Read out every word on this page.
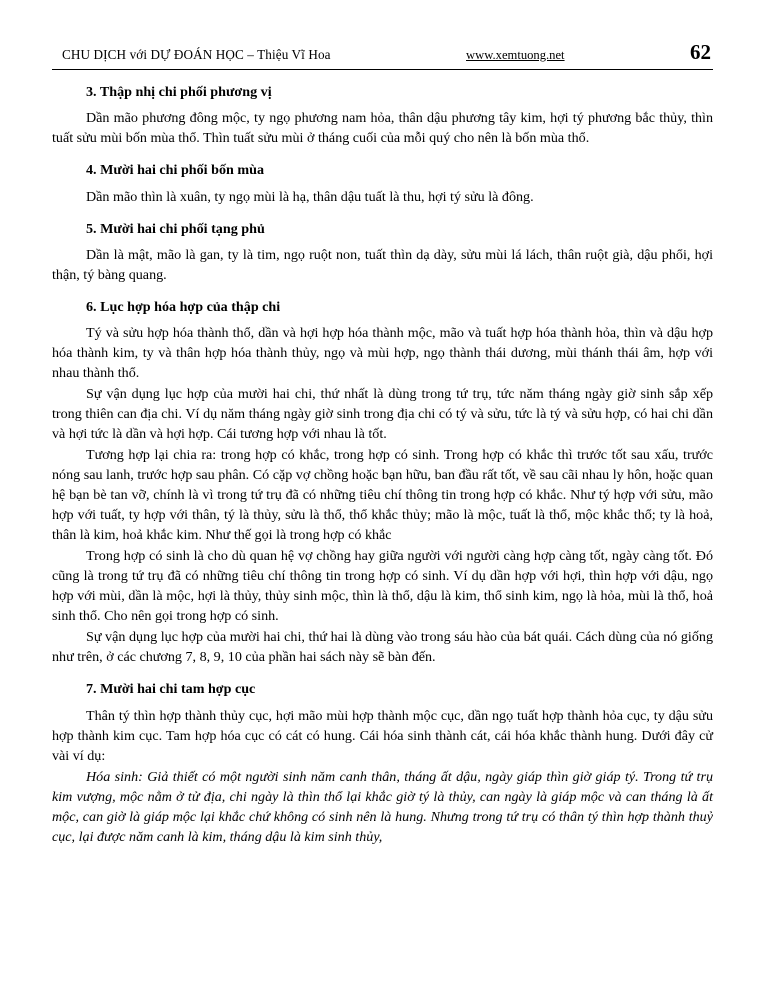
CHU DỊCH với DỰ ĐOÁN HỌC – Thiệu Vĩ Hoa	www.xemtuong.net	62
3. Thập nhị chi phối phương vị

Dần mão phương đông mộc, ty ngọ phương nam hỏa, thân dậu phương tây kim, hợi tý phương bắc thủy, thìn tuất sửu mùi bốn mùa thổ. Thìn tuất sửu mùi ở tháng cuối của mỗi quý cho nên là bốn mùa thổ.

4. Mười hai chi phối bốn mùa

Dần mão thìn là xuân, ty ngọ mùi là hạ, thân dậu tuất là thu, hợi tý sửu là đông.

5. Mười hai chi phối tạng phủ

Dần là mật, mão là gan, ty là tim, ngọ ruột non, tuất thìn dạ dày, sửu mùi lá lách, thân ruột già, dậu phổi, hợi thận, tý bàng quang.

6. Lục hợp hóa hợp của thập chi

Tý và sửu hợp hóa thành thổ, dần và hợi hợp hóa thành mộc, mão và tuất hợp hóa thành hỏa, thìn và dậu hợp hóa thành kim, ty và thân hợp hóa thành thủy, ngọ và mùi hợp, ngọ thành thái dương, mùi thánh thái âm, hợp với nhau thành thổ.

Sự vận dụng lục hợp của mười hai chi, thứ nhất là dùng trong tứ trụ, tức năm tháng ngày giờ sinh sắp xếp trong thiên can địa chi. Ví dụ năm tháng ngày giờ sinh trong địa chi có tý và sửu, tức là tý và sửu hợp, có hai chi dần và hợi tức là dần và hợi hợp. Cái tương hợp với nhau là tốt.

Tương hợp lại chia ra: trong hợp có khắc, trong hợp có sinh. Trong hợp có khắc thì trước tốt sau xấu, trước nóng sau lanh, trước hợp sau phân. Có cặp vợ chồng hoặc bạn hữu, ban đầu rất tốt, về sau cãi nhau ly hôn, hoặc quan hệ bạn bè tan vỡ, chính là vì trong tứ trụ đã có những tiêu chí thông tin trong hợp có khắc. Như tý hợp với sửu, mão hợp với tuất, ty hợp với thân, tý là thủy, sửu là thổ, thổ khắc thủy; mão là mộc, tuất là thổ, mộc khắc thổ; ty là hoả, thân là kim, hoả khắc kim. Như thế gọi là trong hợp có khắc

Trong hợp có sinh là cho dù quan hệ vợ chồng hay giữa người với người càng hợp càng tốt, ngày càng tốt. Đó cũng là trong tứ trụ đã có những tiêu chí thông tin trong hợp có sinh. Ví dụ dần hợp với hợi, thìn hợp với dậu, ngọ hợp với mùi, dần là mộc, hợi là thủy, thủy sinh mộc, thìn là thổ, dậu là kim, thổ sinh kim, ngọ là hỏa, mùi là thổ, hoả sinh thổ. Cho nên gọi trong hợp có sinh.

Sự vận dụng lục hợp của mười hai chi, thứ hai là dùng vào trong sáu hào của bát quái. Cách dùng của nó giống như trên, ở các chương 7, 8, 9, 10 của phần hai sách này sẽ bàn đến.

7. Mười hai chi tam hợp cục

Thân tý thìn hợp thành thủy cục, hợi mão mùi hợp thành mộc cục, dần ngọ tuất hợp thành hỏa cục, ty dậu sửu hợp thành kim cục. Tam hợp hóa cục có cát có hung. Cái hóa sinh thành cát, cái hóa khắc thành hung. Dưới đây cử vài ví dụ:

Hóa sinh: Giả thiết có một người sinh năm canh thân, tháng ất dậu, ngày giáp thìn giờ giáp tý. Trong tứ trụ kim vượng, mộc nằm ở tử địa, chi ngày là thìn thổ lại khắc giờ tý là thủy, can ngày là giáp mộc và can tháng là ất mộc, can giờ là giáp mộc lại khắc chứ không có sinh nên là hung. Nhưng trong tứ trụ có thân tý thìn hợp thành thuỷ cục, lại được năm canh là kim, tháng dậu là kim sinh thủy,
